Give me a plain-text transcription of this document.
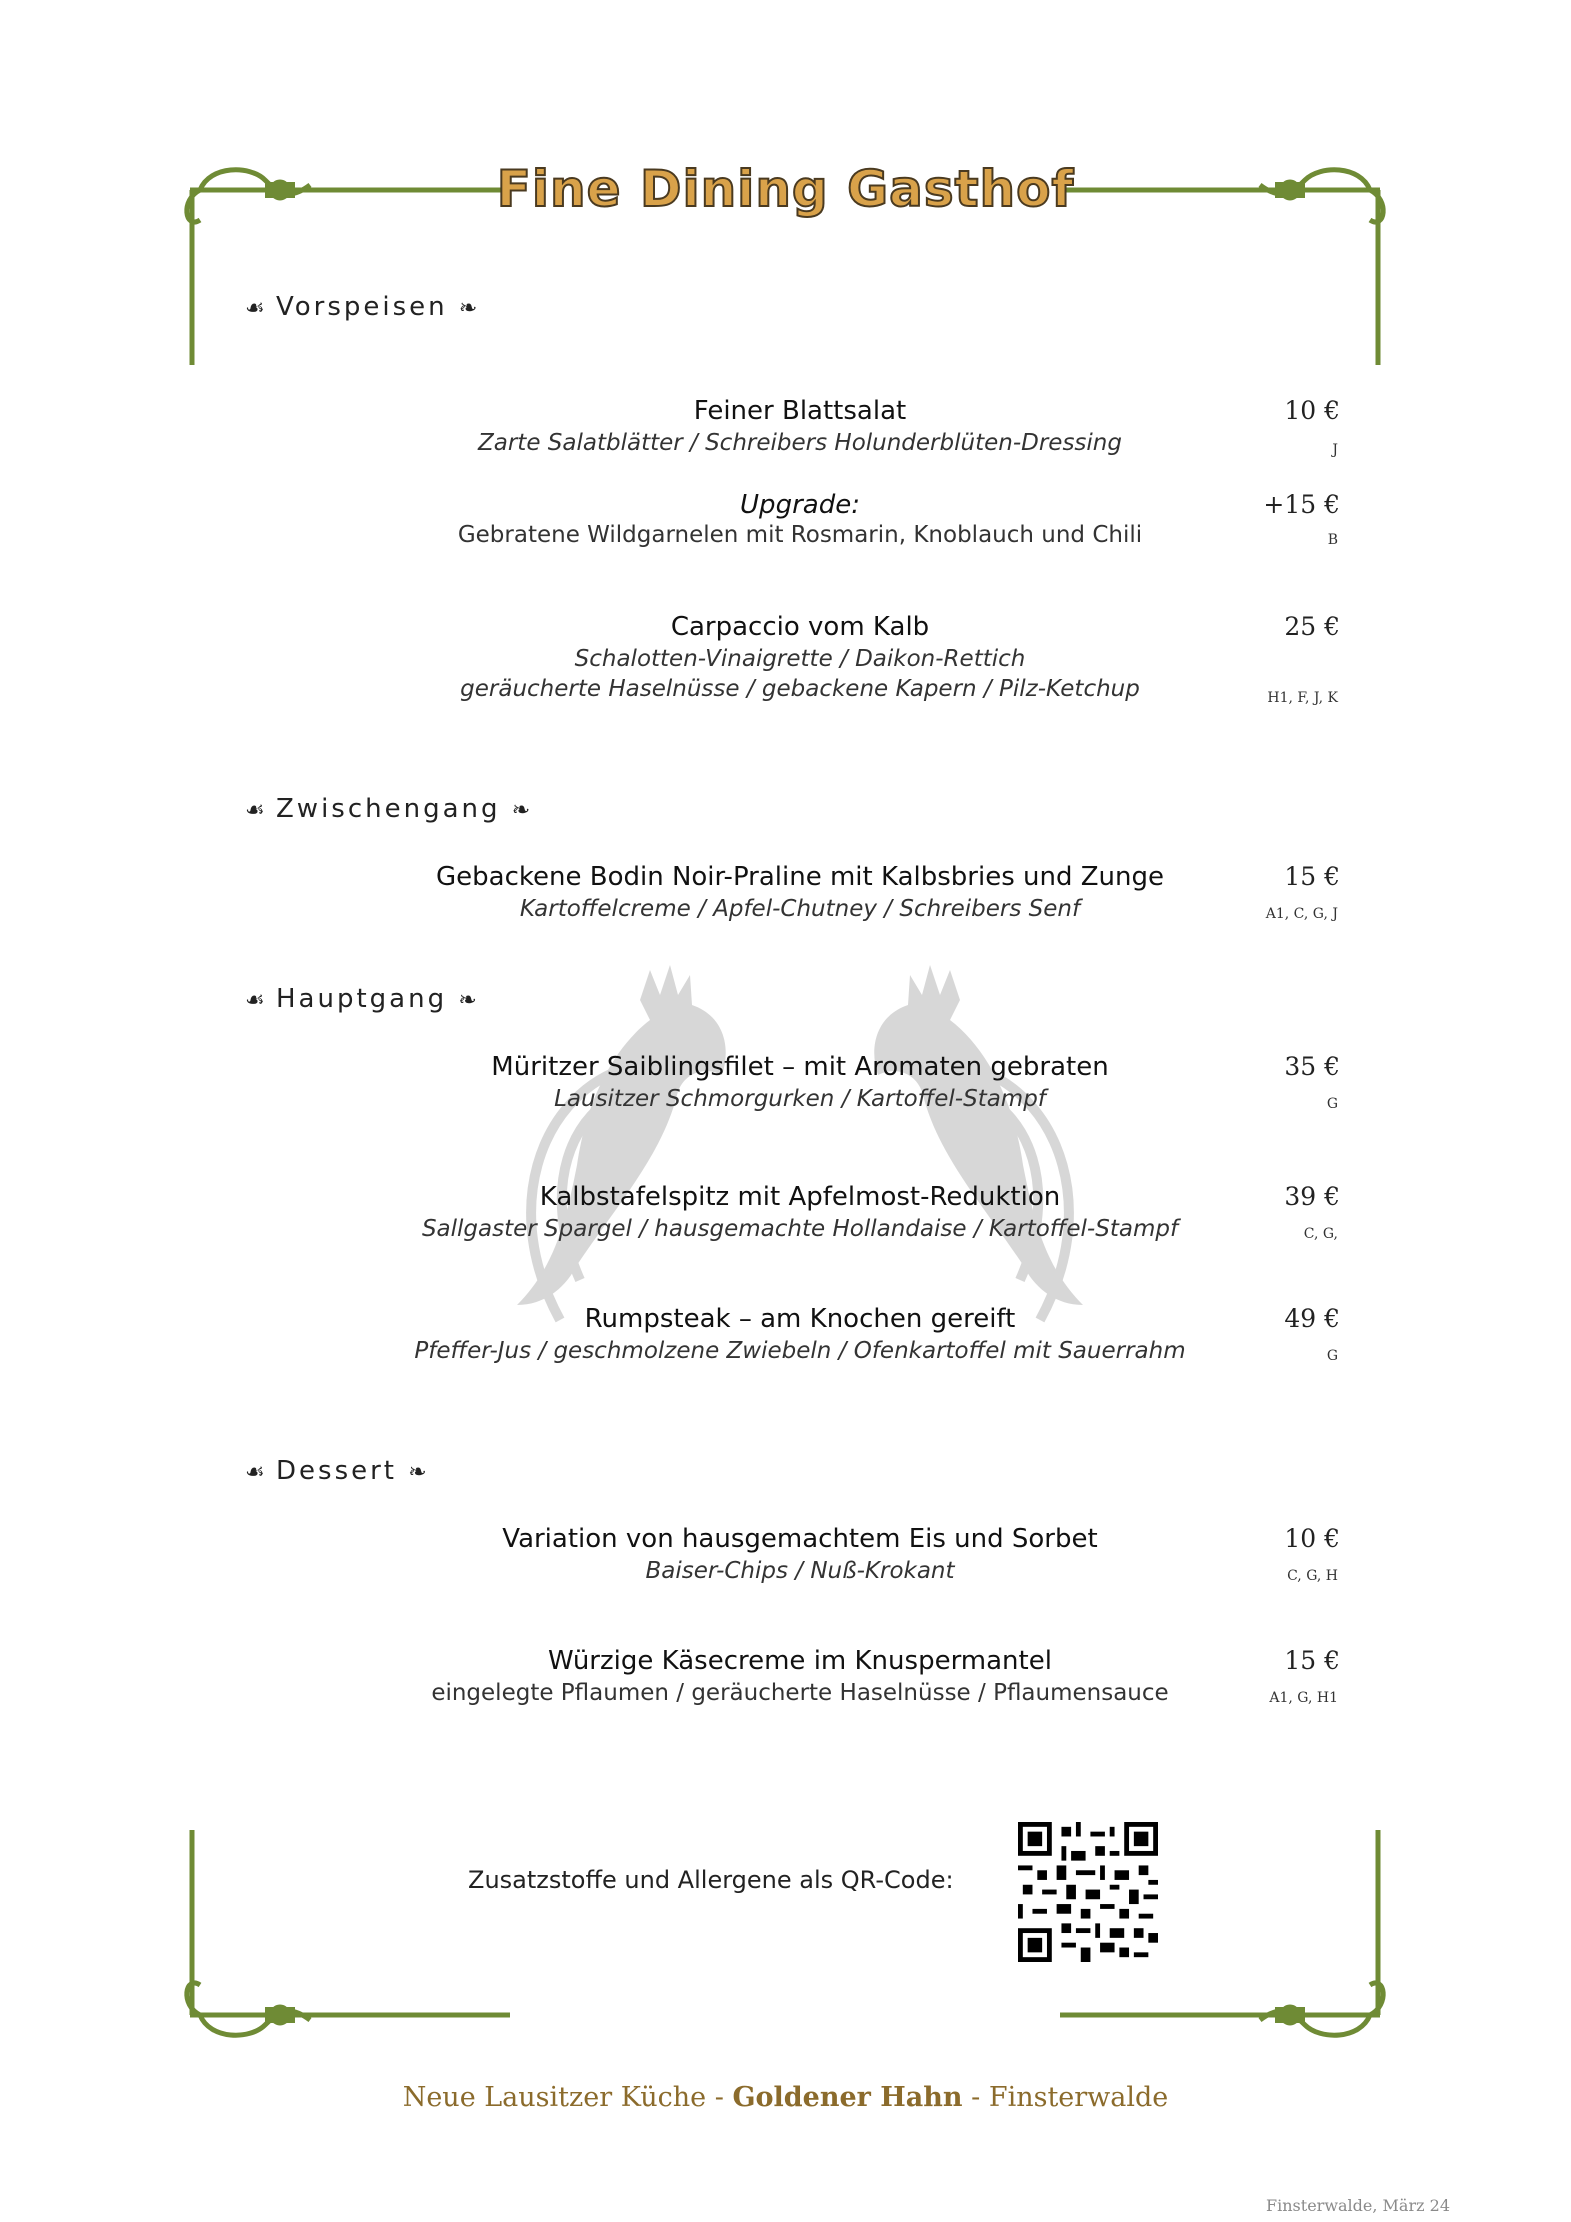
Fine Dining Gasthof
☙ Vorspeisen ❧
Feiner Blattsalat
Zarte Salatblätter / Schreibers Holunderblüten-Dressing
10 €
J
Upgrade:
Gebratene Wildgarnelen mit Rosmarin, Knoblauch und Chili
+15 €
B
Carpaccio vom Kalb
Schalotten-Vinaigrette / Daikon-Rettich
geräucherte Haselnüsse / gebackene Kapern / Pilz-Ketchup
25 €
H1, F, J, K
☙ Zwischengang ❧
Gebackene Bodin Noir-Praline mit Kalbsbries und Zunge
Kartoffelcreme / Apfel-Chutney / Schreibers Senf
15 €
A1, C, G, J
☙ Hauptgang ❧
Müritzer Saiblingsfilet – mit Aromaten gebraten
Lausitzer Schmorgurken / Kartoffel-Stampf
35 €
G
Kalbstafelspitz mit Apfelmost-Reduktion
Sallgaster Spargel / hausgemachte Hollandaise / Kartoffel-Stampf
39 €
C, G,
Rumpsteak – am Knochen gereift
Pfeffer-Jus / geschmolzene Zwiebeln / Ofenkartoffel mit Sauerrahm
49 €
G
☙ Dessert ❧
Variation von hausgemachtem Eis und Sorbet
Baiser-Chips / Nuß-Krokant
10 €
C, G, H
Würzige Käsecreme im Knuspermantel
eingelegte Pflaumen / geräucherte Haselnüsse / Pflaumensauce
15 €
A1, G, H1
Zusatzstoffe und Allergene als QR-Code:
Neue Lausitzer Küche - Goldener Hahn - Finsterwalde
Finsterwalde, März 24
